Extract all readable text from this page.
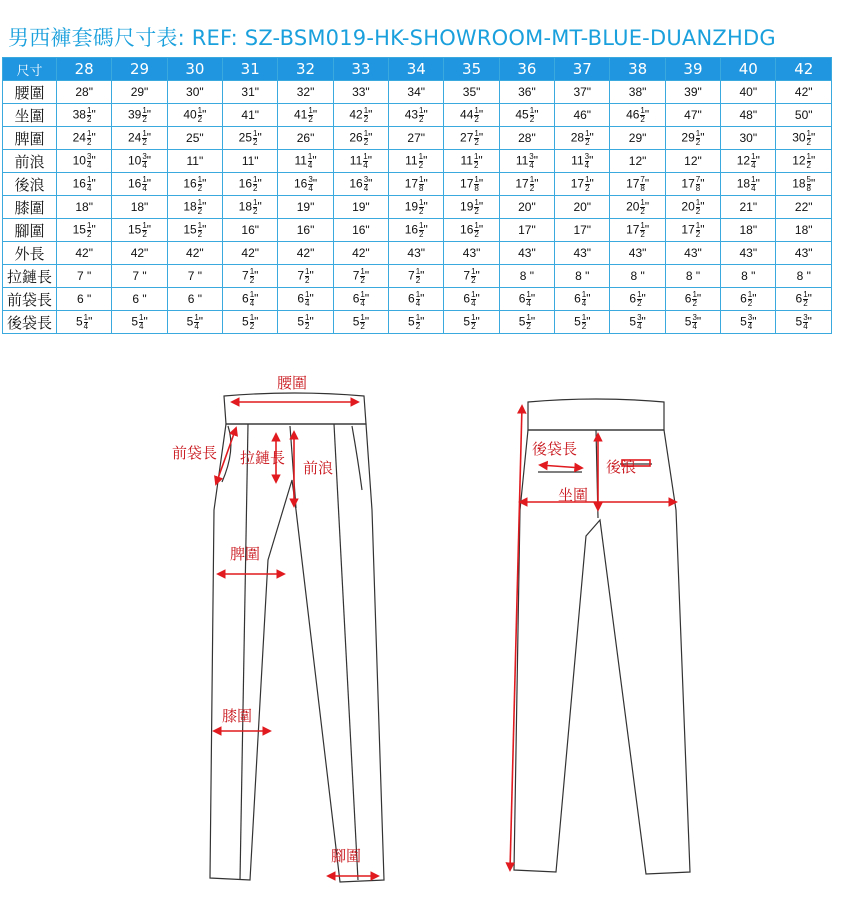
男西褲套碼尺寸表: REF: SZ-BSM019-HK-SHOWROOM-MT-BLUE-DUANZHDG
尺寸	28	29	30	31	32	33	34	35	36	37	38	39	40	42
腰圍	28"	29"	30"	31"	32"	33"	34"	35"	36"	37"	38"	39"	40"	42"
坐圍	$38 \frac{1}{2}$ "	$39 \frac{1}{2}$ "	$40 \frac{1}{2}$ "	41"	$41 \frac{1}{2}$ "	$42 \frac{1}{2}$ "	$43 \frac{1}{2}$ "	$44 \frac{1}{2}$ "	$45 \frac{1}{2}$ "	46"	$46 \frac{1}{2}$ "	47"	48"	50"
脾圍	$24 \frac{1}{2}$ "	$24 \frac{1}{2}$ "	25"	$25 \frac{1}{2}$ "	26"	$26 \frac{1}{2}$ "	27"	$27 \frac{1}{2}$ "	28"	$28 \frac{1}{2}$ "	29"	$29 \frac{1}{2}$ "	30"	$30 \frac{1}{2}$ "
前浪	$10 \frac{3}{4}$ "	$10 \frac{3}{4}$ "	11"	11"	$11 \frac{1}{4}$ "	$11 \frac{1}{4}$ "	$11 \frac{1}{2}$ "	$11 \frac{1}{2}$ "	$11 \frac{3}{4}$ "	$11 \frac{3}{4}$ "	12"	12"	$12 \frac{1}{4}$ "	$12 \frac{1}{2}$ "
後浪	$16 \frac{1}{4}$ "	$16 \frac{1}{4}$ "	$16 \frac{1}{2}$ "	$16 \frac{1}{2}$ "	$16 \frac{3}{4}$ "	$16 \frac{3}{4}$ "	$17 \frac{1}{8}$ "	$17 \frac{1}{8}$ "	$17 \frac{1}{2}$ "	$17 \frac{1}{2}$ "	$17 \frac{7}{8}$ "	$17 \frac{7}{8}$ "	$18 \frac{1}{4}$ "	$18 \frac{5}{8}$ "
膝圍	18"	18"	$18 \frac{1}{2}$ "	$18 \frac{1}{2}$ "	19"	19"	$19 \frac{1}{2}$ "	$19 \frac{1}{2}$ "	20"	20"	$20 \frac{1}{2}$ "	$20 \frac{1}{2}$ "	21"	22"
腳圍	$15 \frac{1}{2}$ "	$15 \frac{1}{2}$ "	$15 \frac{1}{2}$ "	16"	16"	16"	$16 \frac{1}{2}$ "	$16 \frac{1}{2}$ "	17"	17"	$17 \frac{1}{2}$ "	$17 \frac{1}{2}$ "	18"	18"
外長	42"	42"	42"	42"	42"	42"	43"	43"	43"	43"	43"	43"	43"	43"
拉鏈長	7 "	7 "	7 "	$7 \frac{1}{2}$ "	$7 \frac{1}{2}$ "	$7 \frac{1}{2}$ "	$7 \frac{1}{2}$ "	$7 \frac{1}{2}$ "	8 "	8 "	8 "	8 "	8 "	8 "
前袋長	6 "	6 "	6 "	$6 \frac{1}{4}$ "	$6 \frac{1}{4}$ "	$6 \frac{1}{4}$ "	$6 \frac{1}{4}$ "	$6 \frac{1}{4}$ "	$6 \frac{1}{4}$ "	$6 \frac{1}{4}$ "	$6 \frac{1}{2}$ "	$6 \frac{1}{2}$ "	$6 \frac{1}{2}$ "	$6 \frac{1}{2}$ "
後袋長	$5 \frac{1}{4}$ "	$5 \frac{1}{4}$ "	$5 \frac{1}{4}$ "	$5 \frac{1}{2}$ "	$5 \frac{1}{2}$ "	$5 \frac{1}{2}$ "	$5 \frac{1}{2}$ "	$5 \frac{1}{2}$ "	$5 \frac{1}{2}$ "	$5 \frac{1}{2}$ "	$5 \frac{3}{4}$ "	$5 \frac{3}{4}$ "	$5 \frac{3}{4}$ "	$5 \frac{3}{4}$ "
腰圍
前袋長 拉鏈長
前浪
脾圍
膝圍
腳圍
後袋長
後浪
坐圍
